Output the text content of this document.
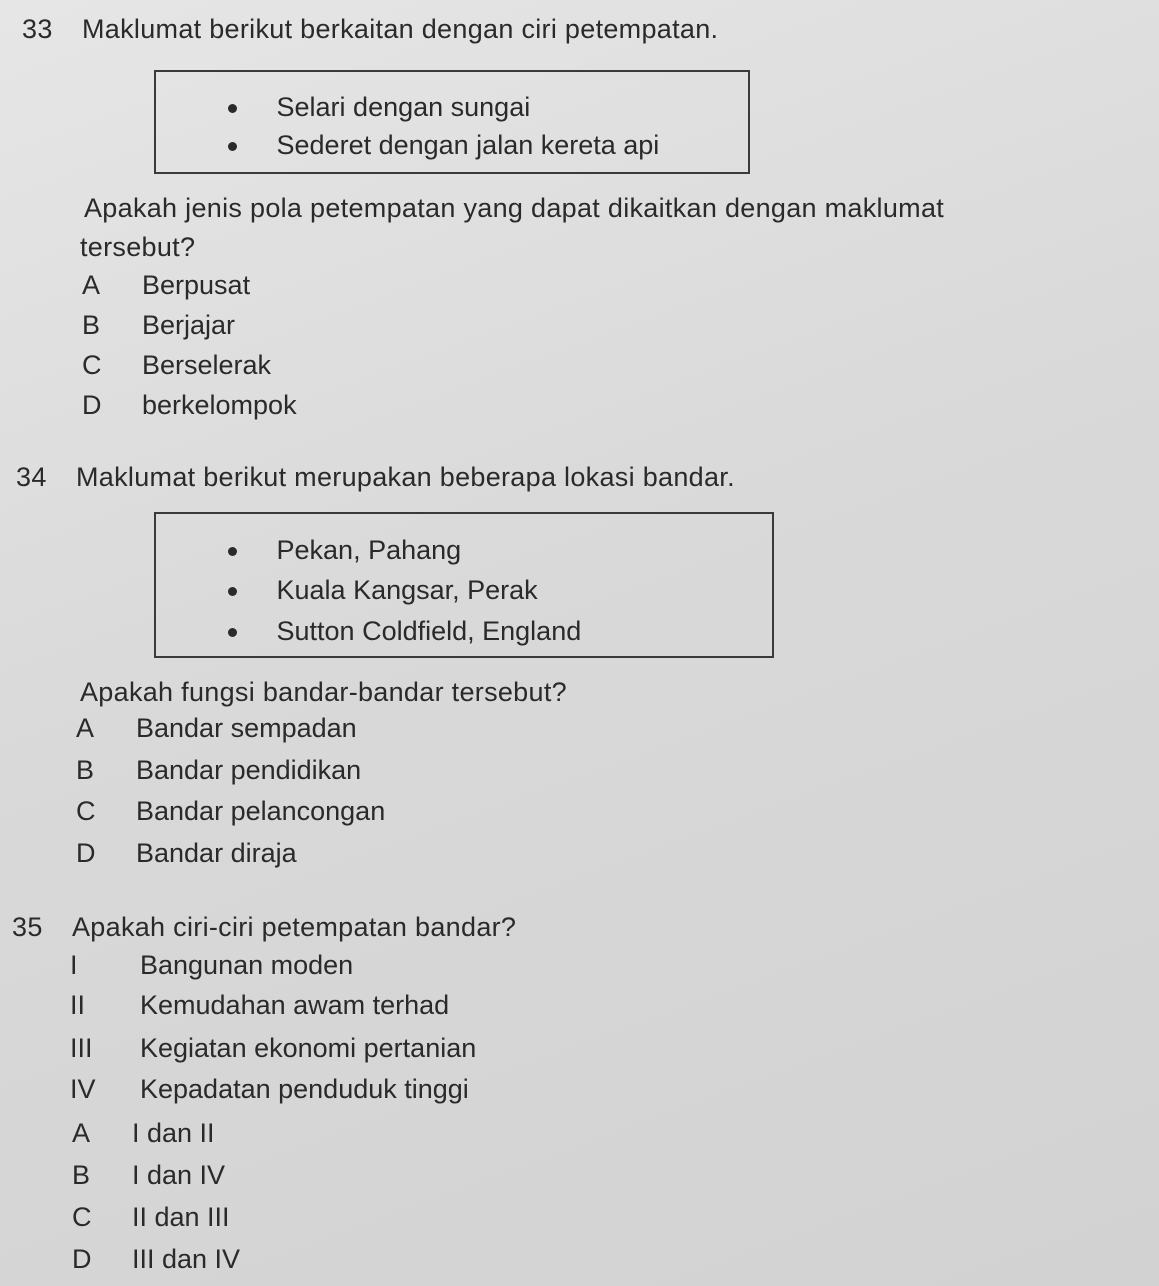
33 Maklumat berikut berkaitan dengan ciri petempatan.
Selari dengan sungai
Sederet dengan jalan kereta api
Apakah jenis pola petempatan yang dapat dikaitkan dengan maklumat
tersebut?
A Berpusat
B Berjajar
C Berselerak
D berkelompok
34 Maklumat berikut merupakan beberapa lokasi bandar.
Pekan, Pahang
Kuala Kangsar, Perak
Sutton Coldfield, England
Apakah fungsi bandar-bandar tersebut?
A Bandar sempadan
B Bandar pendidikan
C Bandar pelancongan
D Bandar diraja
35 Apakah ciri-ciri petempatan bandar?
I Bangunan moden
II Kemudahan awam terhad
III Kegiatan ekonomi pertanian
IV Kepadatan penduduk tinggi
A I dan II
B I dan IV
C II dan III
D III dan IV
